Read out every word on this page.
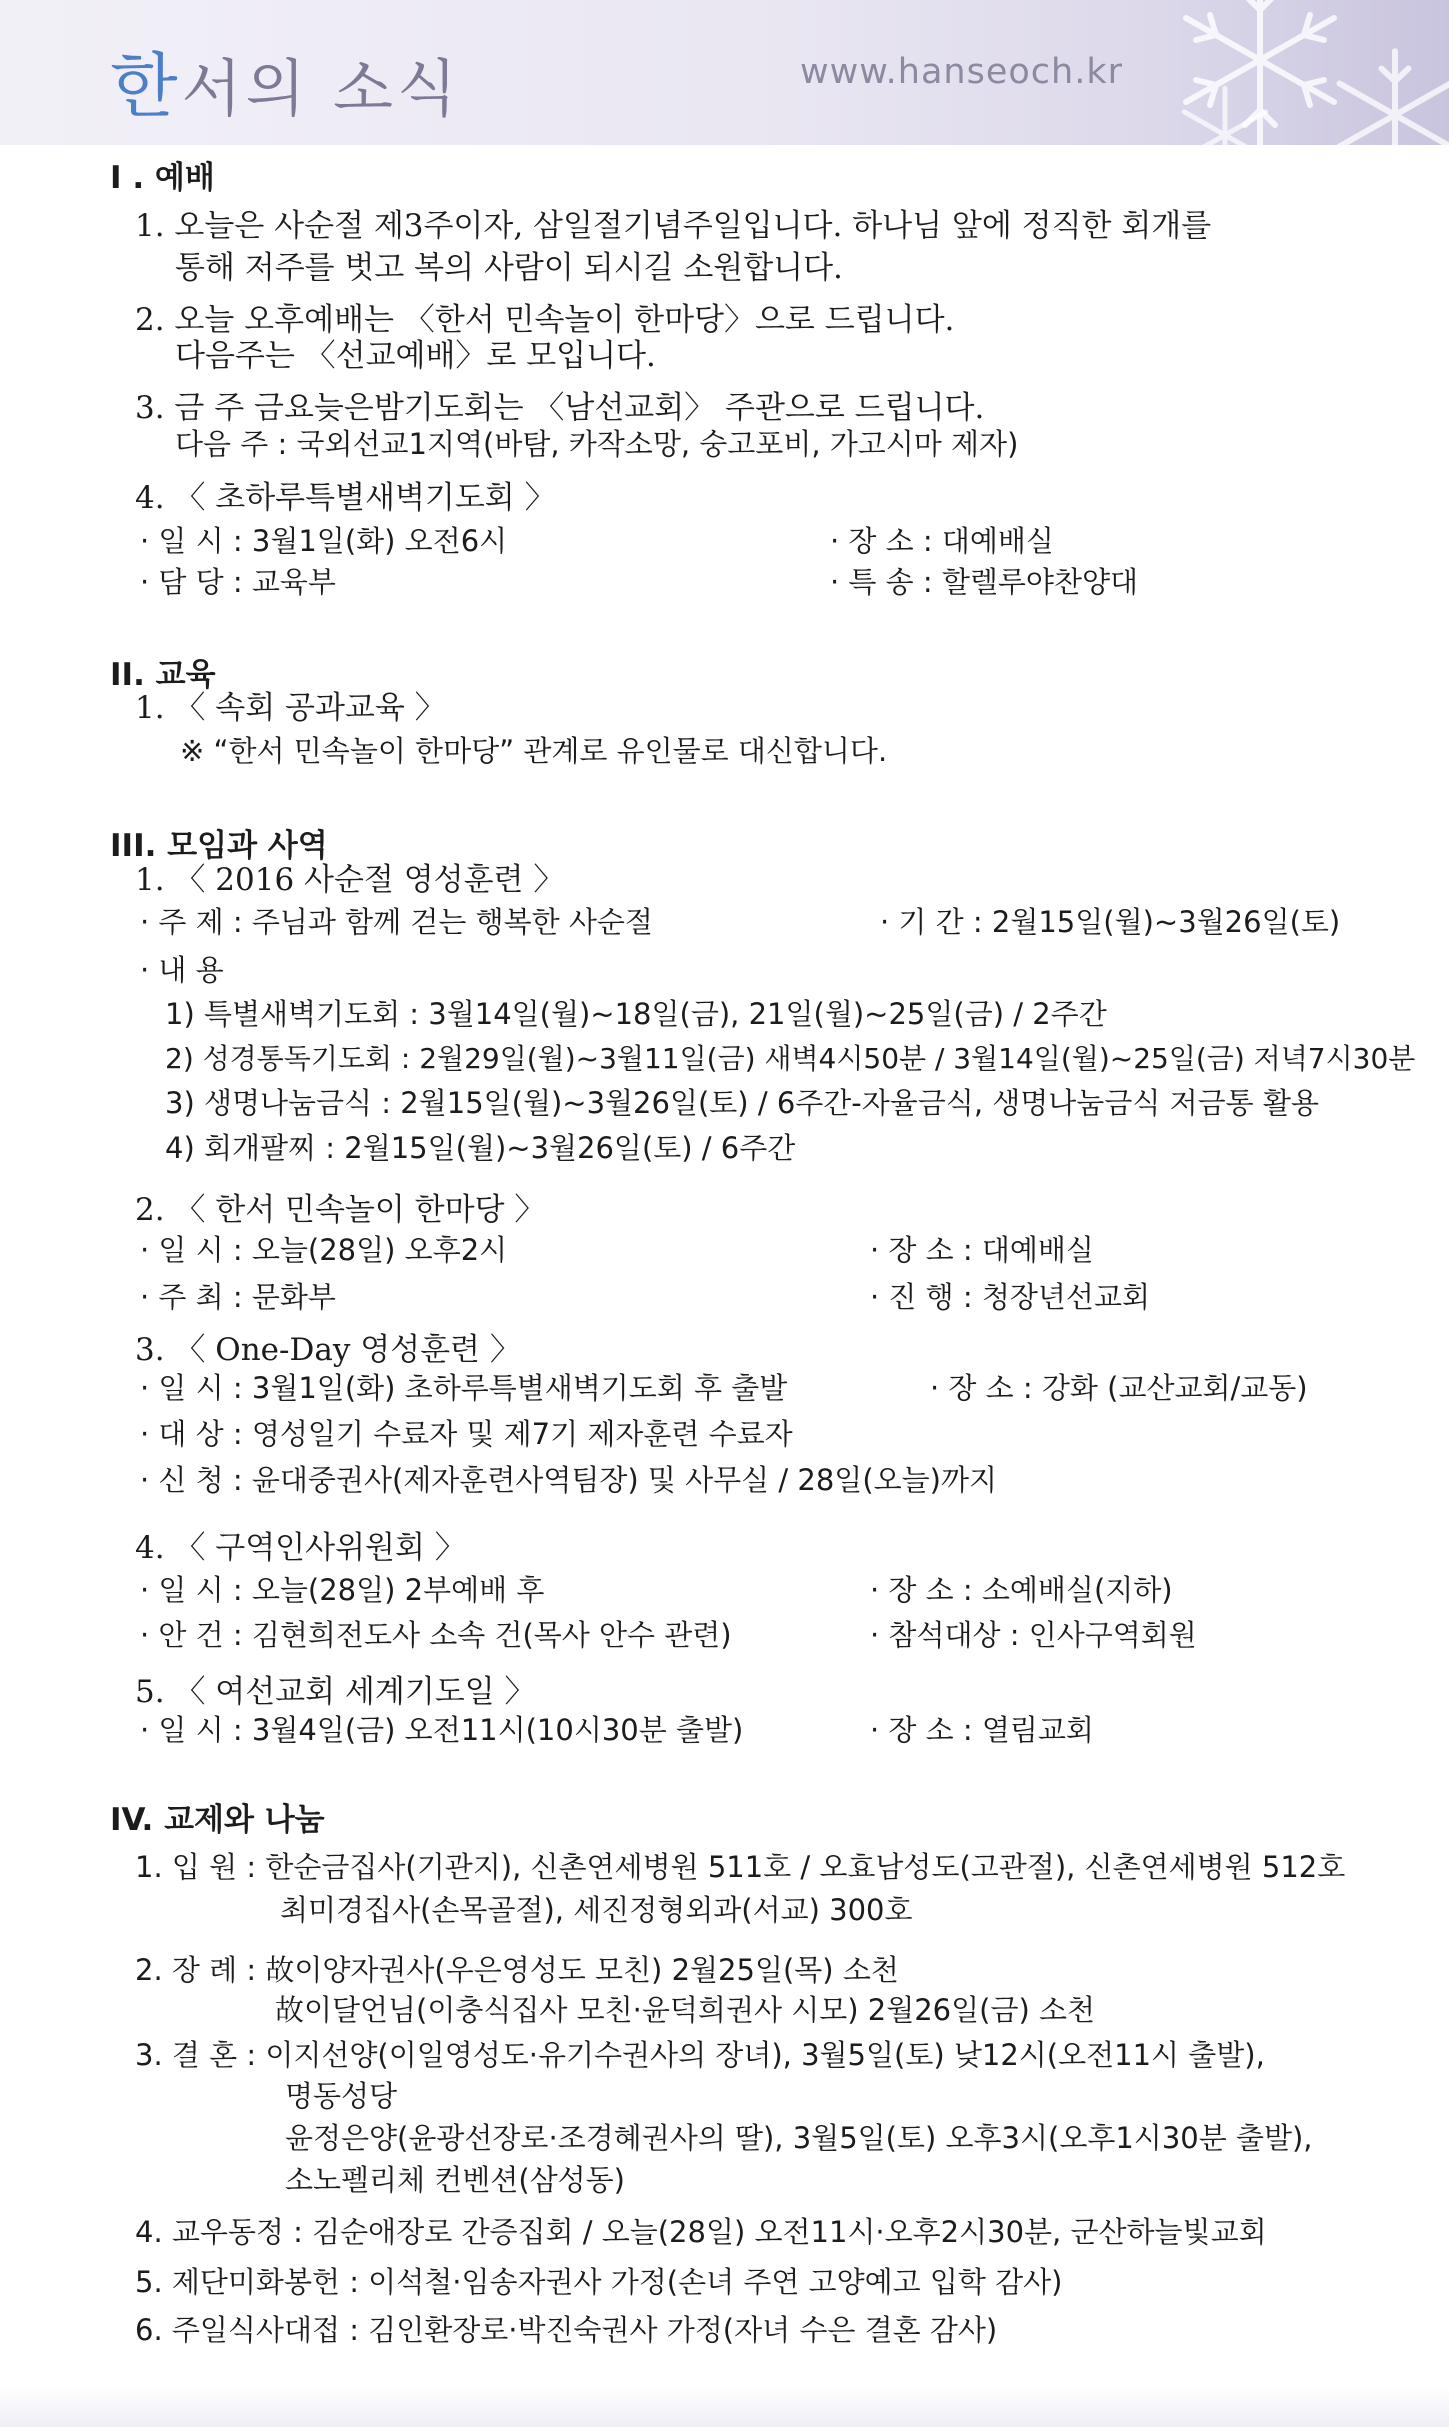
한서의 소식	www.hanseoch.kr
I . 예배
1. 오늘은 사순절 제3주이자, 삼일절기념주일입니다. 하나님 앞에 정직한 회개를
통해 저주를 벗고 복의 사람이 되시길 소원합니다.
2. 오늘 오후예배는 〈한서 민속놀이 한마당〉으로 드립니다.
다음주는 〈선교예배〉로 모입니다.
3. 금 주 금요늦은밤기도회는 〈남선교회〉 주관으로 드립니다.
다음 주 : 국외선교1지역(바탐, 카작소망, 숭고포비, 가고시마 제자)
4. 〈 초하루특별새벽기도회 〉
· 일 시 : 3월1일(화) 오전6시	· 장 소 : 대예배실
· 담 당 : 교육부	· 특 송 : 할렐루야찬양대
II. 교육
1. 〈 속회 공과교육 〉
※ “한서 민속놀이 한마당” 관계로 유인물로 대신합니다.
III. 모임과 사역
1. 〈 2016 사순절 영성훈련 〉
· 주 제 : 주님과 함께 걷는 행복한 사순절	· 기 간 : 2월15일(월)~3월26일(토)
· 내 용
1) 특별새벽기도회 : 3월14일(월)~18일(금), 21일(월)~25일(금) / 2주간
2) 성경통독기도회 : 2월29일(월)~3월11일(금) 새벽4시50분 / 3월14일(월)~25일(금) 저녁7시30분
3) 생명나눔금식 : 2월15일(월)~3월26일(토) / 6주간-자율금식, 생명나눔금식 저금통 활용
4) 회개팔찌 : 2월15일(월)~3월26일(토) / 6주간
2. 〈 한서 민속놀이 한마당 〉
· 일 시 : 오늘(28일) 오후2시	· 장 소 : 대예배실
· 주 최 : 문화부	· 진 행 : 청장년선교회
3. 〈 One-Day 영성훈련 〉
· 일 시 : 3월1일(화) 초하루특별새벽기도회 후 출발	· 장 소 : 강화 (교산교회/교동)
· 대 상 : 영성일기 수료자 및 제7기 제자훈련 수료자
· 신 청 : 윤대중권사(제자훈련사역팀장) 및 사무실 / 28일(오늘)까지
4. 〈 구역인사위원회 〉
· 일 시 : 오늘(28일) 2부예배 후	· 장 소 : 소예배실(지하)
· 안 건 : 김현희전도사 소속 건(목사 안수 관련)	· 참석대상 : 인사구역회원
5. 〈 여선교회 세계기도일 〉
· 일 시 : 3월4일(금) 오전11시(10시30분 출발)	· 장 소 : 열림교회
IV. 교제와 나눔
1. 입 원 : 한순금집사(기관지), 신촌연세병원 511호 / 오효남성도(고관절), 신촌연세병원 512호
최미경집사(손목골절), 세진정형외과(서교) 300호
2. 장 례 : 故이양자권사(우은영성도 모친) 2월25일(목) 소천
故이달언님(이충식집사 모친·윤덕희권사 시모) 2월26일(금) 소천
3. 결 혼 : 이지선양(이일영성도·유기수권사의 장녀), 3월5일(토) 낮12시(오전11시 출발),
명동성당
윤정은양(윤광선장로·조경혜권사의 딸), 3월5일(토) 오후3시(오후1시30분 출발),
소노펠리체 컨벤션(삼성동)
4. 교우동정 : 김순애장로 간증집회 / 오늘(28일) 오전11시·오후2시30분, 군산하늘빛교회
5. 제단미화봉헌 : 이석철·임송자권사 가정(손녀 주연 고양예고 입학 감사)
6. 주일식사대접 : 김인환장로·박진숙권사 가정(자녀 수은 결혼 감사)
